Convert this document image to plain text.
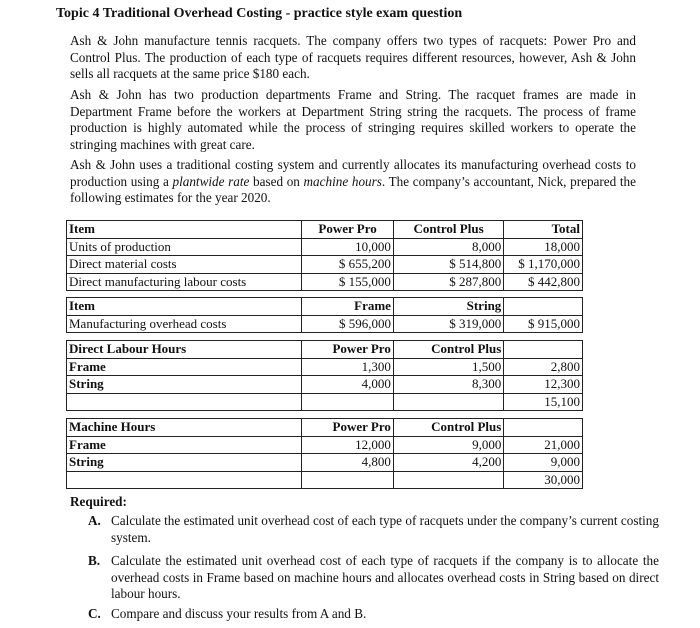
Topic 4 Traditional Overhead Costing - practice style exam question

Ash & John manufacture tennis racquets. The company offers two types of racquets: Power Pro and Control Plus. The production of each type of racquets requires different resources, however, Ash & John sells all racquets at the same price $180 each.

Ash & John has two production departments Frame and String. The racquet frames are made in Department Frame before the workers at Department String string the racquets. The process of frame production is highly automated while the process of stringing requires skilled workers to operate the stringing machines with great care.

Ash & John uses a traditional costing system and currently allocates its manufacturing overhead costs to production using a plantwide rate based on machine hours. The company’s accountant, Nick, prepared the following estimates for the year 2020.

Item	Power Pro	Control Plus	Total
Units of production	10,000	8,000	18,000
Direct material costs	$ 655,200	$ 514,800	$ 1,170,000
Direct manufacturing labour costs	$ 155,000	$ 287,800	$ 442,800
Item	Frame	String	
Manufacturing overhead costs	$ 596,000	$ 319,000	$ 915,000
Direct Labour Hours	Power Pro	Control Plus	
Frame	1,300	1,500	2,800
String	4,000	8,300	12,300
			15,100
Machine Hours	Power Pro	Control Plus	
Frame	12,000	9,000	21,000
String	4,800	4,200	9,000
			30,000
Required:

A. Calculate the estimated unit overhead cost of each type of racquets under the company’s current costing system.

B. Calculate the estimated unit overhead cost of each type of racquets if the company is to allocate the overhead costs in Frame based on machine hours and allocates overhead costs in String based on direct labour hours.

C. Compare and discuss your results from A and B.
